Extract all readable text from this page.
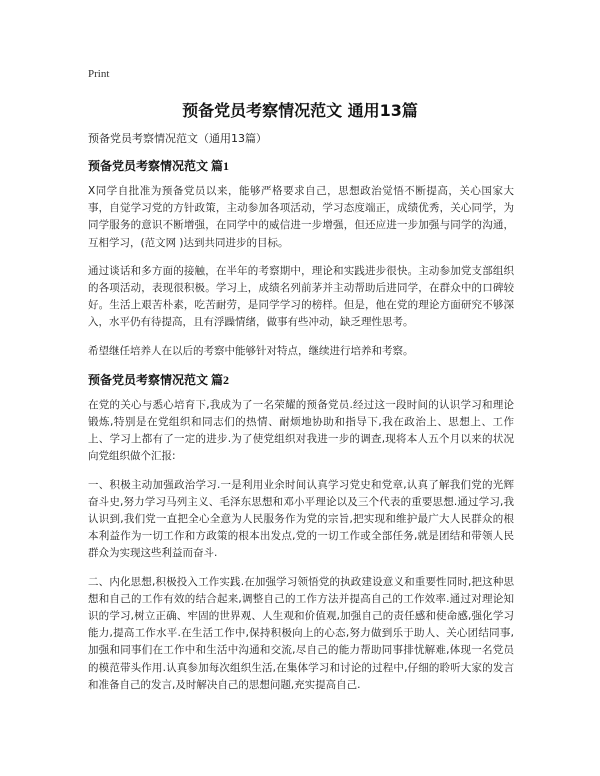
Print
预备党员考察情况范文 通用13篇

预备党员考察情况范文（通用13篇）

预备党员考察情况范文 篇1

X同学自批准为预备党员以来，能够严格要求自己，思想政治觉悟不断提高，关心国家大事，自觉学习党的方针政策，主动参加各项活动，学习态度端正，成绩优秀，关心同学，为同学服务的意识不断增强，在同学中的威信进一步增强，但还应进一步加强与同学的沟通，互相学习，(范文网 )达到共同进步的目标。

通过谈话和多方面的接触，在半年的考察期中，理论和实践进步很快。主动参加党支部组织的各项活动，表现很积极。学习上，成绩名列前茅并主动帮助后进同学，在群众中的口碑较好。生活上艰苦朴素，吃苦耐劳，是同学学习的榜样。但是，他在党的理论方面研究不够深入，水平仍有待提高，且有浮躁情绪，做事有些冲动，缺乏理性思考。

希望继任培养人在以后的考察中能够针对特点，继续进行培养和考察。

预备党员考察情况范文 篇2

在党的关心与悉心培育下,我成为了一名荣耀的预备党员.经过这一段时间的认识学习和理论锻炼,特别是在党组织和同志们的热情、耐烦地协助和指导下,我在政治上、思想上、工作上、学习上都有了一定的进步.为了使党组织对我进一步的调查,现将本人五个月以来的状况向党组织做个汇报:

一、积极主动加强政治学习.一是利用业余时间认真学习党史和党章,认真了解我们党的光辉奋斗史,努力学习马列主义、毛泽东思想和邓小平理论以及三个代表的重要思想.通过学习,我认识到,我们党一直把全心全意为人民服务作为党的宗旨,把实现和维护最广大人民群众的根本利益作为一切工作和方政策的根本出发点,党的一切工作或全部任务,就是团结和带领人民群众为实现这些利益而奋斗.

二、内化思想,积极投入工作实践.在加强学习领悟党的执政建设意义和重要性同时,把这种思想和自己的工作有效的结合起来,调整自己的工作方法并提高自己的工作效率.通过对理论知识的学习,树立正确、牢固的世界观、人生观和价值观,加强自己的责任感和使命感,强化学习能力,提高工作水平.在生活工作中,保持积极向上的心态,努力做到乐于助人、关心团结同事,加强和同事们在工作中和生活中沟通和交流,尽自己的能力帮助同事排忧解难,体现一名党员的模范带头作用.认真参加每次组织生活,在集体学习和讨论的过程中,仔细的聆听大家的发言和准备自己的发言,及时解决自己的思想问题,充实提高自己.
